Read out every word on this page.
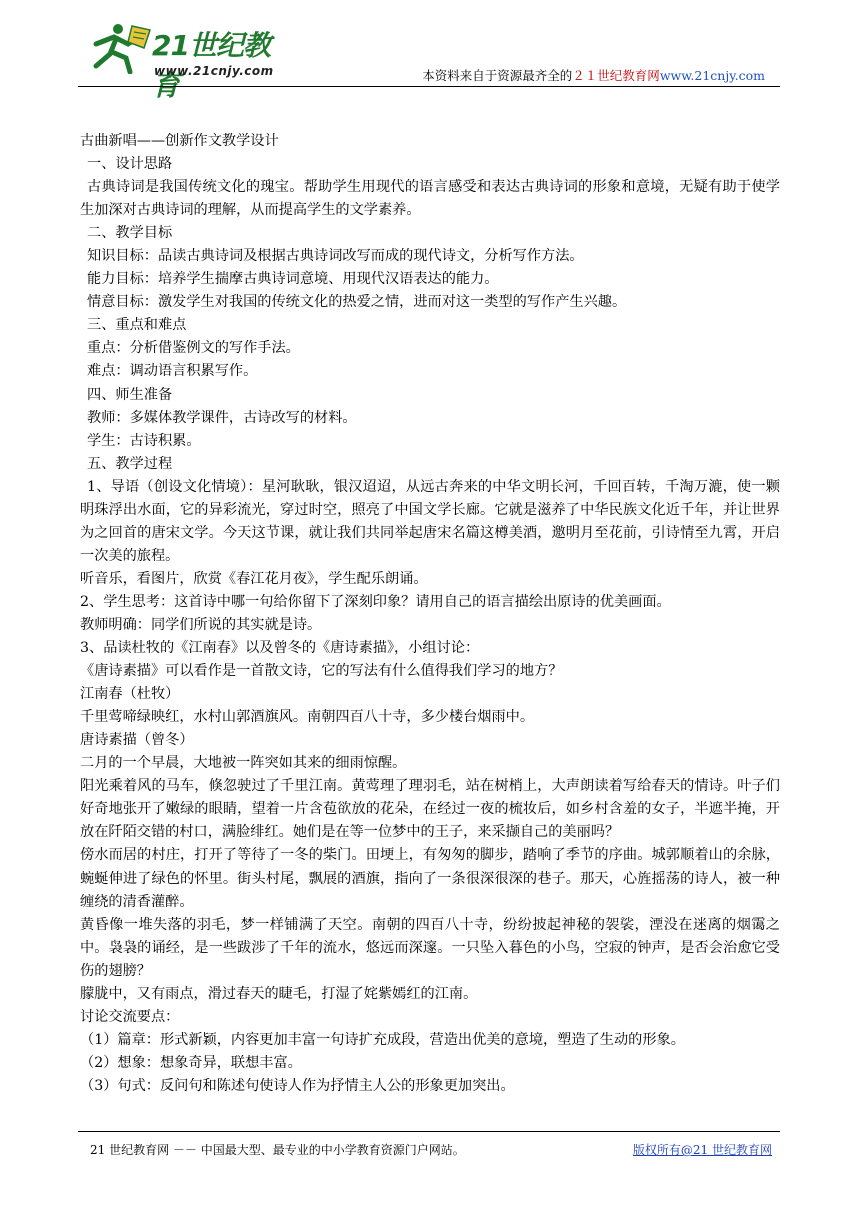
21世纪教育
www.21cnjy.com	本资料来自于资源最齐全的２１世纪教育网www.21cnjy.com

古曲新唱——创新作文教学设计

一、设计思路

古典诗词是我国传统文化的瑰宝。帮助学生用现代的语言感受和表达古典诗词的形象和意境，无疑有助于使学生加深对古典诗词的理解，从而提高学生的文学素养。

二、教学目标

知识目标：品读古典诗词及根据古典诗词改写而成的现代诗文，分析写作方法。

能力目标：培养学生揣摩古典诗词意境、用现代汉语表达的能力。

情意目标：激发学生对我国的传统文化的热爱之情，进而对这一类型的写作产生兴趣。

三、重点和难点

重点：分析借鉴例文的写作手法。

难点：调动语言积累写作。

四、师生准备

教师：多媒体教学课件，古诗改写的材料。

学生：古诗积累。

五、教学过程

1、导语（创设文化情境）：星河耿耿，银汉迢迢，从远古奔来的中华文明长河，千回百转，千淘万漉，使一颗明珠浮出水面，它的异彩流光，穿过时空，照亮了中国文学长廊。它就是滋养了中华民族文化近千年，并让世界为之回首的唐宋文学。今天这节课，就让我们共同举起唐宋名篇这樽美酒，邀明月至花前，引诗情至九霄，开启一次美的旅程。

听音乐，看图片，欣赏《春江花月夜》，学生配乐朗诵。

2、学生思考：这首诗中哪一句给你留下了深刻印象？请用自己的语言描绘出原诗的优美画面。

教师明确：同学们所说的其实就是诗。

3、品读杜牧的《江南春》以及曾冬的《唐诗素描》，小组讨论：

《唐诗素描》可以看作是一首散文诗，它的写法有什么值得我们学习的地方？

江南春（杜牧）

千里莺啼绿映红，水村山郭酒旗风。南朝四百八十寺，多少楼台烟雨中。

唐诗素描（曾冬）

二月的一个早晨，大地被一阵突如其来的细雨惊醒。

阳光乘着风的马车，倏忽驶过了千里江南。黄莺理了理羽毛，站在树梢上，大声朗读着写给春天的情诗。叶子们好奇地张开了嫩绿的眼睛，望着一片含苞欲放的花朵，在经过一夜的梳妆后，如乡村含羞的女子，半遮半掩，开放在阡陌交错的村口，满脸绯红。她们是在等一位梦中的王子，来采撷自己的美丽吗？

傍水而居的村庄，打开了等待了一冬的柴门。田埂上，有匆匆的脚步，踏响了季节的序曲。城郭顺着山的余脉，蜿蜒伸进了绿色的怀里。街头村尾，飘展的酒旗，指向了一条很深很深的巷子。那天，心旌摇荡的诗人，被一种缠绕的清香灌醉。

黄昏像一堆失落的羽毛，梦一样铺满了天空。南朝的四百八十寺，纷纷披起神秘的袈裟，湮没在迷离的烟霭之中。袅袅的诵经，是一些跋涉了千年的流水，悠远而深邃。一只坠入暮色的小鸟，空寂的钟声，是否会治愈它受伤的翅膀？

朦胧中，又有雨点，滑过春天的睫毛，打湿了姹紫嫣红的江南。

讨论交流要点：

（1）篇章：形式新颖，内容更加丰富一句诗扩充成段，营造出优美的意境，塑造了生动的形象。

（2）想象：想象奇异，联想丰富。

（3）句式：反问句和陈述句使诗人作为抒情主人公的形象更加突出。

21 世纪教育网 －－ 中国最大型、最专业的中小学教育资源门户网站。	版权所有@21 世纪教育网
